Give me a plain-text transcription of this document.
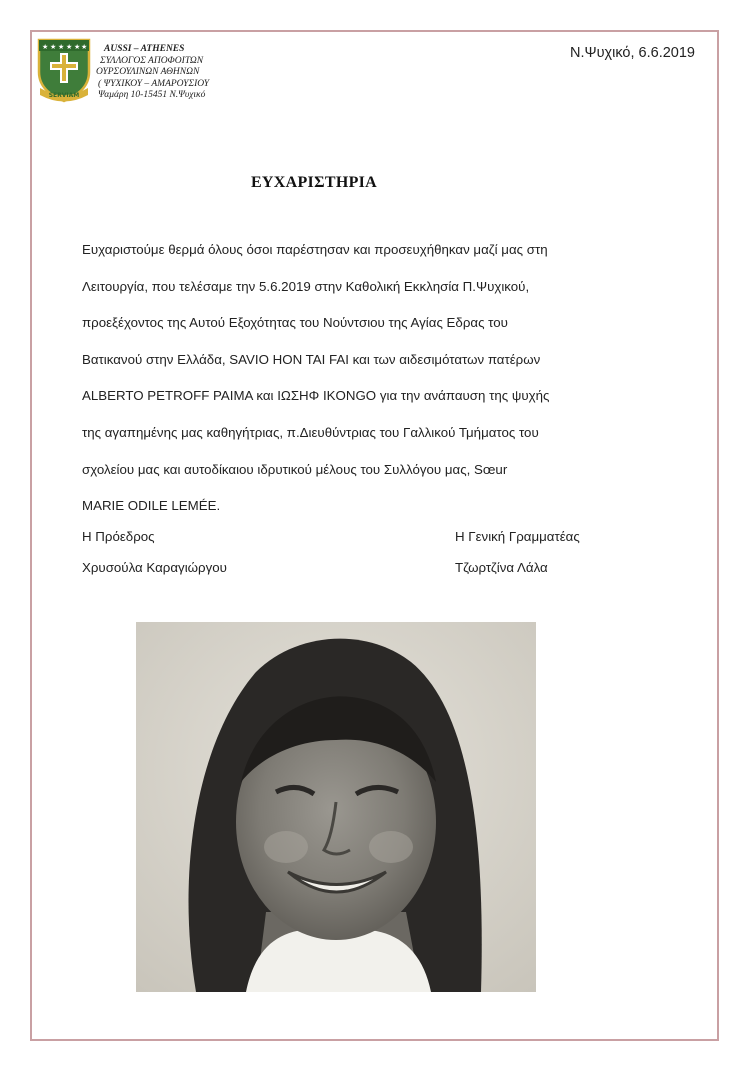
★ ★ ★ ★ ★ ★
SERVIAM
AUSSI – ATHENES
ΣΥΛΛΟΓΟΣ ΑΠΟΦΟΙΤΩΝ
ΟΥΡΣΟΥΛΙΝΩΝ ΑΘΗΝΩΝ
( ΨΥΧΙΚΟΥ – ΑΜΑΡΟΥΣΙΟΥ
Ψαμάρη 10-15451 Ν.Ψυχικό
Ν.Ψυχικό, 6.6.2019
ΕΥΧΑΡΙΣΤΗΡΙΑ
Ευχαριστούμε θερμά όλους όσοι παρέστησαν και προσευχήθηκαν μαζί μας στη
Λειτουργία, που τελέσαμε την 5.6.2019 στην Καθολική Εκκλησία Π.Ψυχικού,
προεξέχοντος της Αυτού Εξοχότητας του Νούντσιου της Αγίας Εδρας του
Βατικανού στην Ελλάδα, SAVIO HON TAI FAI και των αιδεσιμότατων πατέρων
ALBERTO PETROFF PAIMA και ΙΩΣΗΦ IKONGO για την ανάπαυση της ψυχής
της αγαπημένης μας καθηγήτριας, π.Διευθύντριας του Γαλλικού Τμήματος του
σχολείου μας και αυτοδίκαιου ιδρυτικού μέλους του Συλλόγου μας, Sœur
MARIE ODILE LEMÉE.
Η Πρόεδρος
Χρυσούλα Καραγιώργου
Η Γενική Γραμματέας
Τζωρτζίνα Λάλα
